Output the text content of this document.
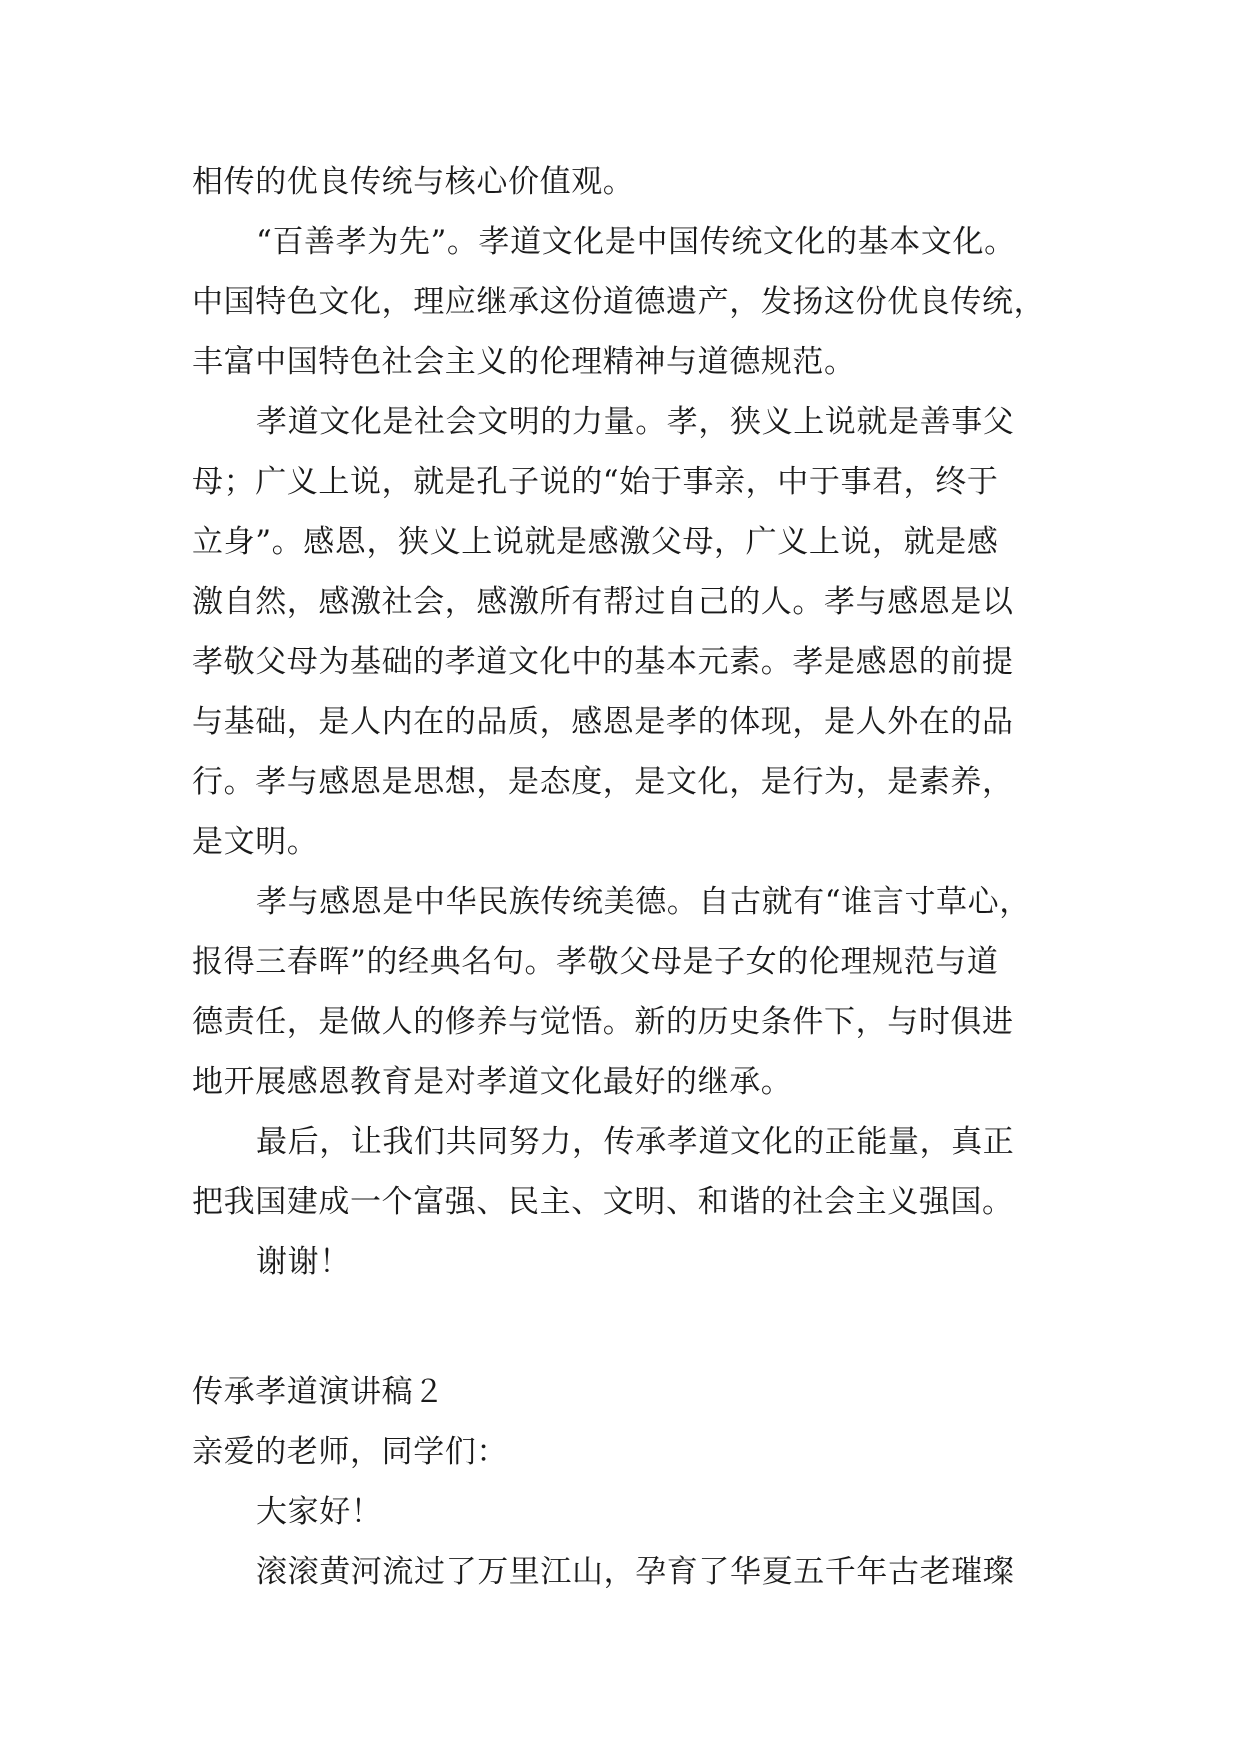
相传的优良传统与核心价值观。
“百善孝为先”。孝道文化是中国传统文化的基本文化。
中国特色文化，理应继承这份道德遗产，发扬这份优良传统，
丰富中国特色社会主义的伦理精神与道德规范。
孝道文化是社会文明的力量。孝，狭义上说就是善事父
母；广义上说，就是孔子说的“始于事亲，中于事君，终于
立身”。感恩，狭义上说就是感激父母，广义上说，就是感
激自然，感激社会，感激所有帮过自己的人。孝与感恩是以
孝敬父母为基础的孝道文化中的基本元素。孝是感恩的前提
与基础，是人内在的品质，感恩是孝的体现，是人外在的品
行。孝与感恩是思想，是态度，是文化，是行为，是素养，
是文明。
孝与感恩是中华民族传统美德。自古就有“谁言寸草心，
报得三春晖”的经典名句。孝敬父母是子女的伦理规范与道
德责任，是做人的修养与觉悟。新的历史条件下，与时俱进
地开展感恩教育是对孝道文化最好的继承。
最后，让我们共同努力，传承孝道文化的正能量，真正
把我国建成一个富强、民主、文明、和谐的社会主义强国。
谢谢！
传承孝道演讲稿２
亲爱的老师，同学们：
大家好！
滚滚黄河流过了万里江山，孕育了华夏五千年古老璀璨
